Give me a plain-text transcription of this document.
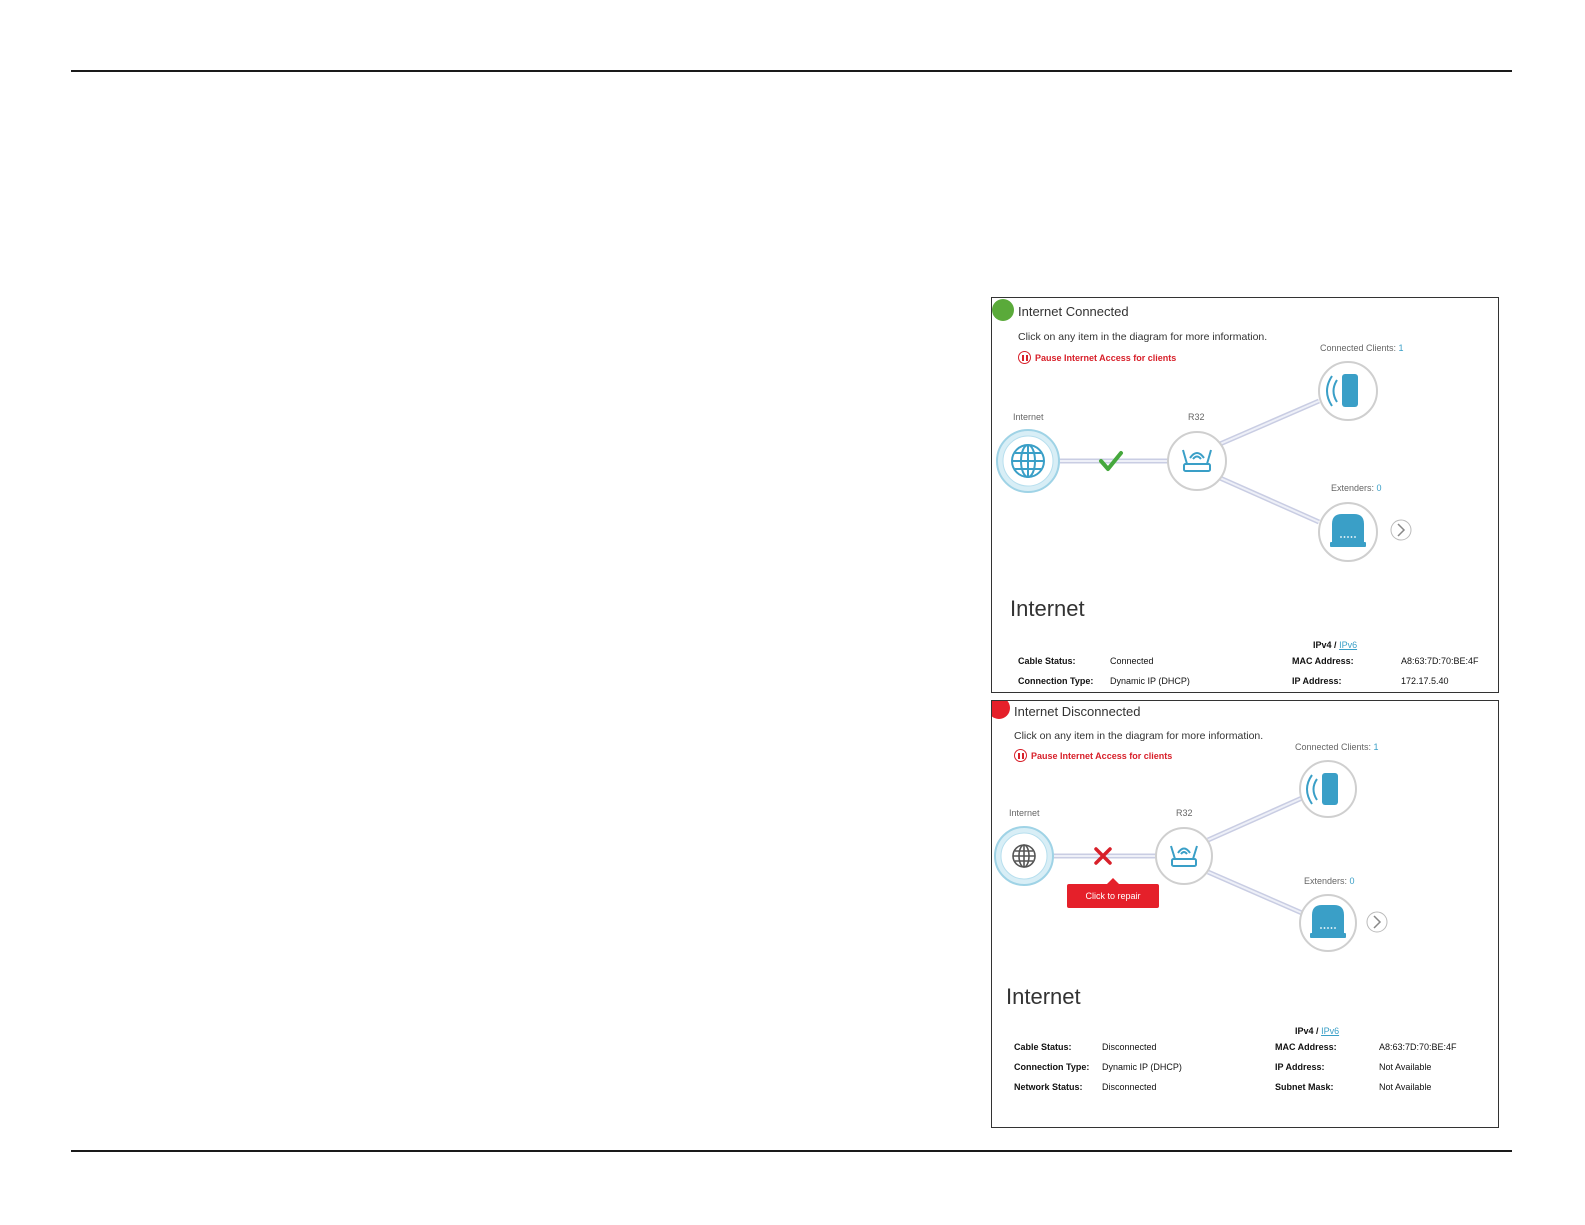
Internet Connected
Click on any item in the diagram for more information.
Pause Internet Access for clients
Connected Clients: 1
Internet	R32
Extenders: 0
Internet
IPv4 / IPv6
Cable Status:	Connected	MAC Address:	A8:63:7D:70:BE:4F
Connection Type: Dynamic IP (DHCP)	IP Address:	172.17.5.40
Internet Disconnected
Click on any item in the diagram for more information.
Pause Internet Access for clients
Connected Clients: 1
Internet	R32
Extenders: 0
Click to repair
Internet
IPv4 / IPv6
Cable Status:	Disconnected	MAC Address:	A8:63:7D:70:BE:4F
Connection Type: Dynamic IP (DHCP)	IP Address:	Not Available
Network Status: Disconnected	Subnet Mask:	Not Available
